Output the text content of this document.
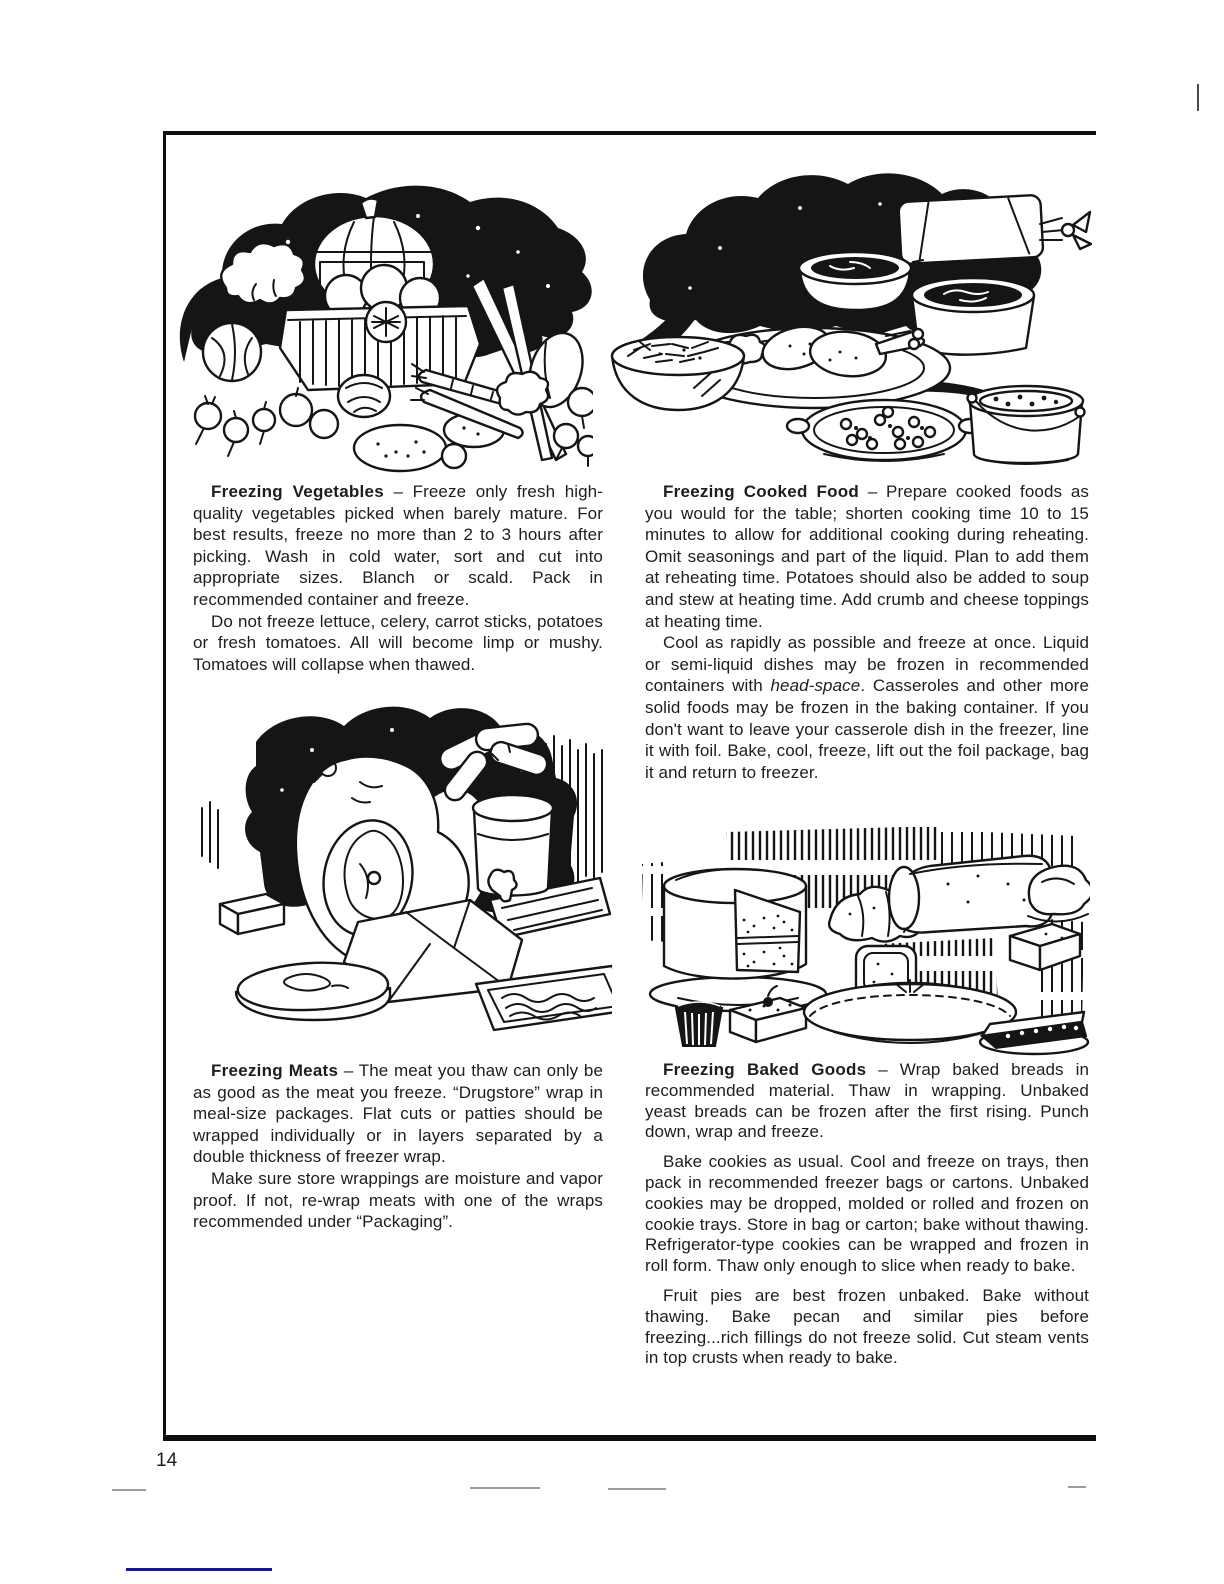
Freezing Vegetables – Freeze only fresh high-quality vegetables picked when barely mature. For best results, freeze no more than 2 to 3 hours after picking. Wash in cold water, sort and cut into appropriate sizes. Blanch or scald. Pack in recommended container and freeze.

Do not freeze lettuce, celery, carrot sticks, potatoes or fresh tomatoes. All will become limp or mushy. Tomatoes will collapse when thawed.

Freezing Cooked Food – Prepare cooked foods as you would for the table; shorten cooking time 10 to 15 minutes to allow for additional cooking during reheating. Omit seasonings and part of the liquid. Plan to add them at reheating time. Potatoes should also be added to soup and stew at heating time. Add crumb and cheese toppings at heating time.

Cool as rapidly as possible and freeze at once. Liquid or semi-liquid dishes may be frozen in recommended containers with head-space. Casseroles and other more solid foods may be frozen in the baking container. If you don't want to leave your casserole dish in the freezer, line it with foil. Bake, cool, freeze, lift out the foil package, bag it and return to freezer.

Freezing Meats – The meat you thaw can only be as good as the meat you freeze. “Drugstore” wrap in meal-size packages. Flat cuts or patties should be wrapped individually or in layers separated by a double thickness of freezer wrap.

Make sure store wrappings are moisture and vapor proof. If not, re-wrap meats with one of the wraps recommended under “Packaging”.

Freezing Baked Goods – Wrap baked breads in recommended material. Thaw in wrapping. Unbaked yeast breads can be frozen after the first rising. Punch down, wrap and freeze.

Bake cookies as usual. Cool and freeze on trays, then pack in recommended freezer bags or cartons. Unbaked cookies may be dropped, molded or rolled and frozen on cookie trays. Store in bag or carton; bake without thawing. Refrigerator-type cookies can be wrapped and frozen in roll form. Thaw only enough to slice when ready to bake.

Fruit pies are best frozen unbaked. Bake without thawing. Bake pecan and similar pies before freezing...rich fillings do not freeze solid. Cut steam vents in top crusts when ready to bake.

14
